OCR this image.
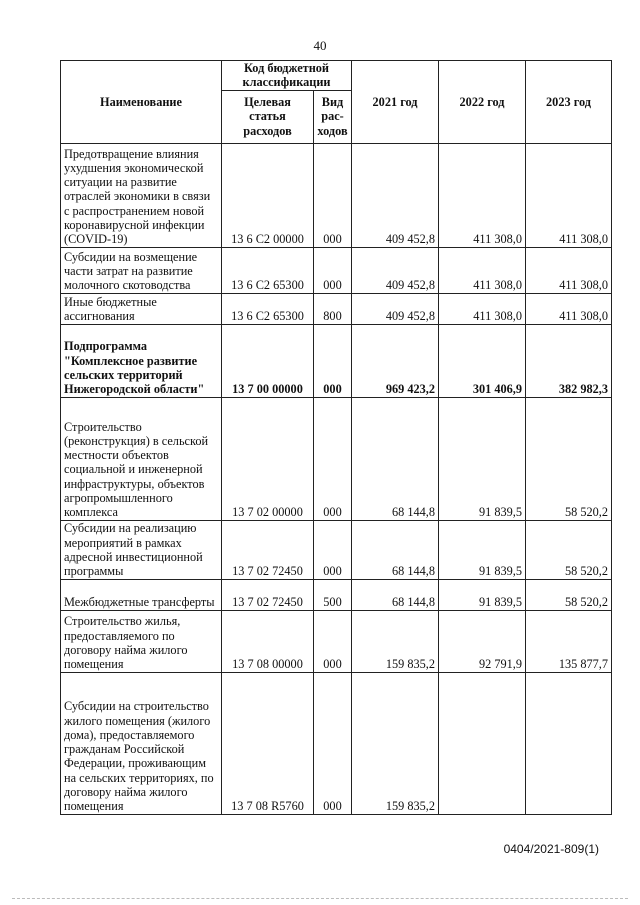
40
Наименование	Код бюджетной классификации		2021 год	2022 год	2023 год
	Целевая статья расходов	Вид рас-ходов			
Предотвращение влияния ухудшения экономической ситуации на развитие отраслей экономики в связи с распространением новой коронавирусной инфекции (COVID-19)	13 6 С2 00000	000	409 452,8	411 308,0	411 308,0
Субсидии на возмещение части затрат на развитие молочного скотоводства	13 6 С2 65300	000	409 452,8	411 308,0	411 308,0
Иные бюджетные ассигнования	13 6 С2 65300	800	409 452,8	411 308,0	411 308,0
Подпрограмма "Комплексное развитие сельских территорий Нижегородской области"	13 7 00 00000	000	969 423,2	301 406,9	382 982,3
Строительство (реконструкция) в сельской местности объектов социальной и инженерной инфраструктуры, объектов агропромышленного комплекса	13 7 02 00000	000	68 144,8	91 839,5	58 520,2
Субсидии на реализацию мероприятий в рамках адресной инвестиционной программы	13 7 02 72450	000	68 144,8	91 839,5	58 520,2
Межбюджетные трансферты	13 7 02 72450	500	68 144,8	91 839,5	58 520,2
Строительство жилья, предоставляемого по договору найма жилого помещения	13 7 08 00000	000	159 835,2	92 791,9	135 877,7
Субсидии на строительство жилого помещения (жилого дома), предоставляемого гражданам Российской Федерации, проживающим на сельских территориях, по договору найма жилого помещения	13 7 08 R5760	000	159 835,2		
0404/2021-809(1)
